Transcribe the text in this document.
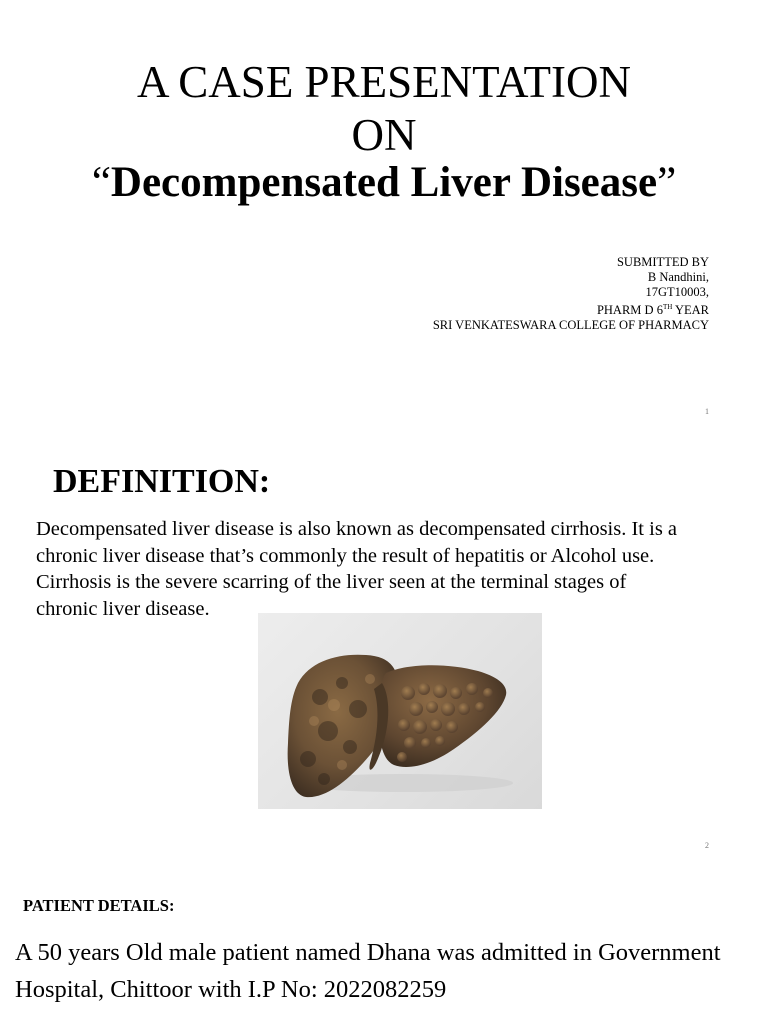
A CASE PRESENTATION
ON
“Decompensated Liver Disease”
SUBMITTED BY
B Nandhini,
17GT10003,
PHARM D 6TH YEAR
SRI VENKATESWARA COLLEGE OF PHARMACY
1
DEFINITION:
Decompensated liver disease is also known as decompensated cirrhosis. It is a
chronic liver disease that’s commonly the result of hepatitis or Alcohol use.
Cirrhosis is the severe scarring of the liver seen at the terminal stages of
chronic liver disease.
2
PATIENT DETAILS:
A 50 years Old male patient named Dhana was admitted in Government
Hospital, Chittoor with I.P No: 2022082259
